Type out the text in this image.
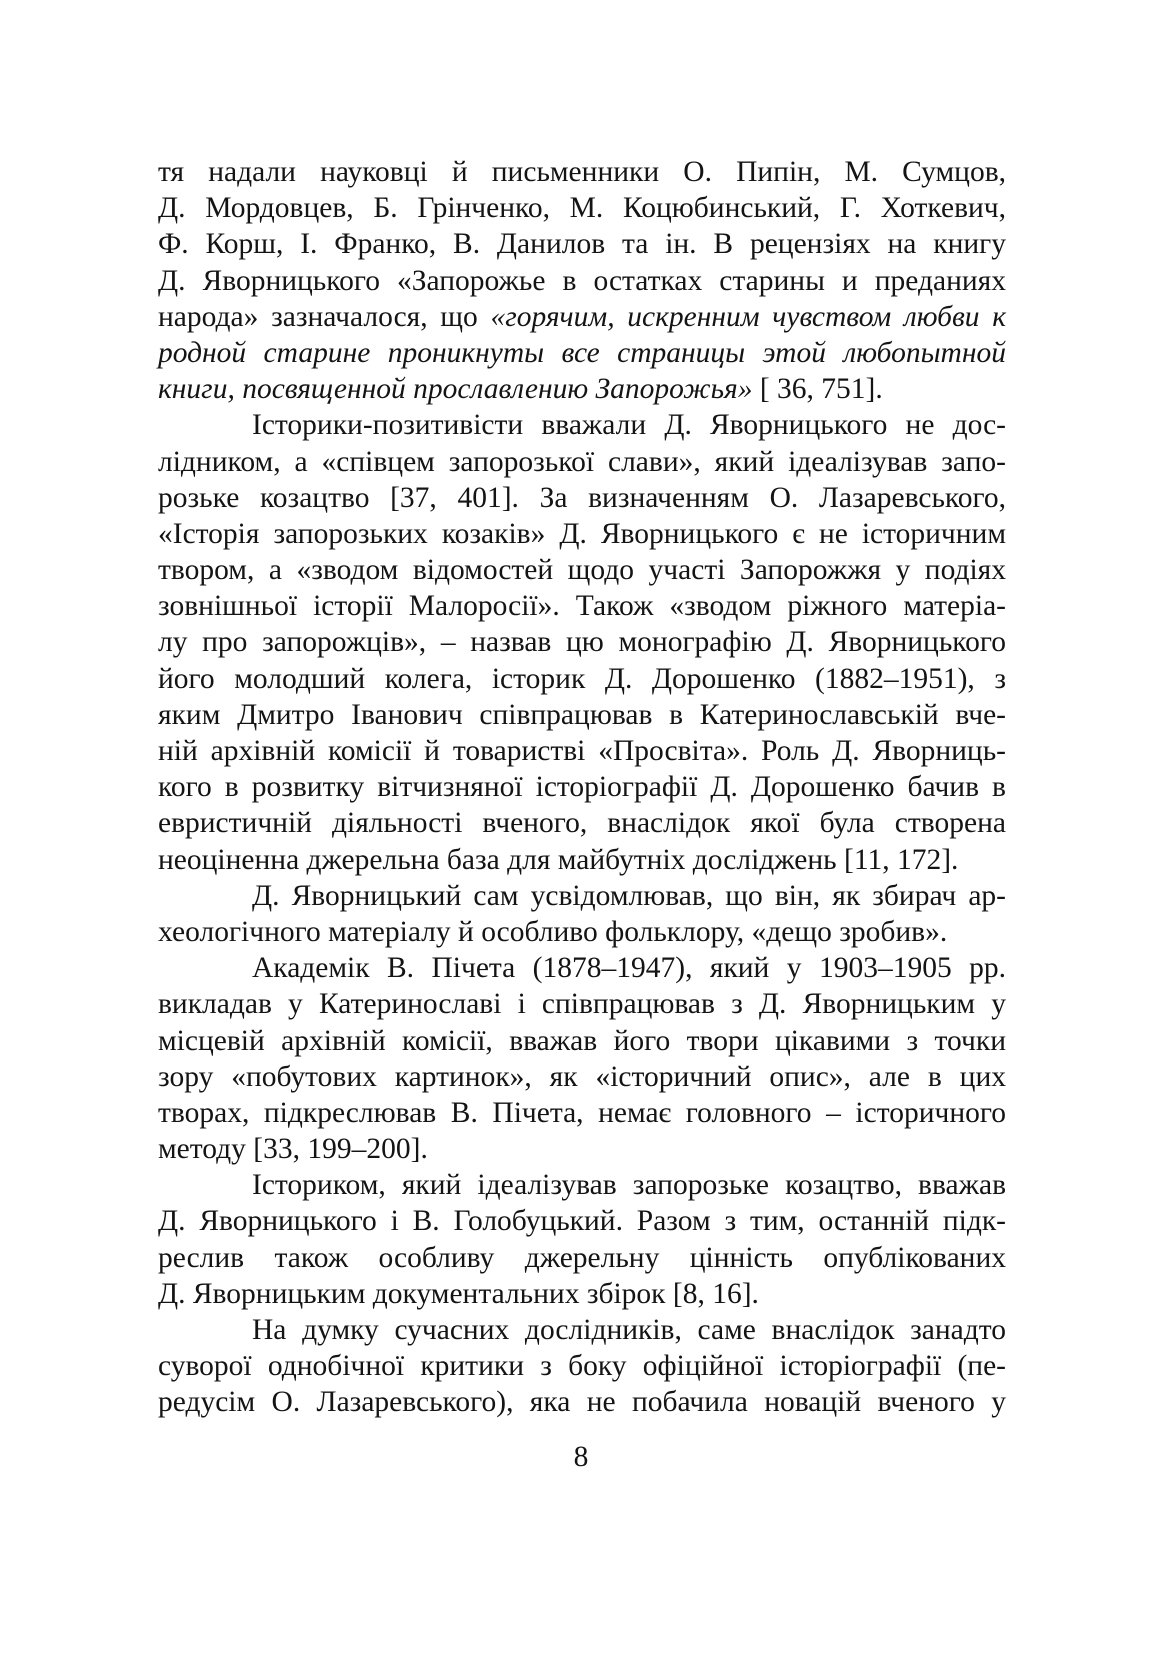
тя надали науковці й письменники О. Пипін, М. Сумцов,
Д. Мордовцев, Б. Грінченко, М. Коцюбинський, Г. Хоткевич,
Ф. Корш, І. Франко, В. Данилов та ін. В рецензіях на книгу
Д. Яворницького «Запорожье в остатках старины и преданиях
народа» зазначалося, що «горячим, искренним чувством любви к
родной старине проникнуты все страницы этой любопытной
книги, посвященной прославлению Запорожья» [ 36, 751].
Історики-позитивісти вважали Д. Яворницького не дос-
лідником, а «співцем запорозької слави», який ідеалізував запо-
розьке козацтво [37, 401]. За визначенням О. Лазаревського,
«Історія запорозьких козаків» Д. Яворницького є не історичним
твором, а «зводом відомостей щодо участі Запорожжя у подіях
зовнішньої історії Малоросії». Також «зводом ріжного матеріа-
лу про запорожців», – назвав цю монографію Д. Яворницького
його молодший колега, історик Д. Дорошенко (1882–1951), з
яким Дмитро Іванович співпрацював в Катеринославській вче-
ній архівній комісії й товаристві «Просвіта». Роль Д. Яворниць-
кого в розвитку вітчизняної історіографії Д. Дорошенко бачив в
евристичній діяльності вченого, внаслідок якої була створена
неоціненна джерельна база для майбутніх досліджень [11, 172].
Д. Яворницький сам усвідомлював, що він, як збирач ар-
хеологічного матеріалу й особливо фольклору, «дещо зробив».
Академік В. Пічета (1878–1947), який у 1903–1905 рр.
викладав у Катеринославі і співпрацював з Д. Яворницьким у
місцевій архівній комісії, вважав його твори цікавими з точки
зору «побутових картинок», як «історичний опис», але в цих
творах, підкреслював В. Пічета, немає головного – історичного
методу [33, 199–200].
Істориком, який ідеалізував запорозьке козацтво, вважав
Д. Яворницького і В. Голобуцький. Разом з тим, останній підк-
реслив також особливу джерельну цінність опублікованих
Д. Яворницьким документальних збірок [8, 16].
На думку сучасних дослідників, саме внаслідок занадто
суворої однобічної критики з боку офіційної історіографії (пе-
редусім О. Лазаревського), яка не побачила новацій вченого у
8
